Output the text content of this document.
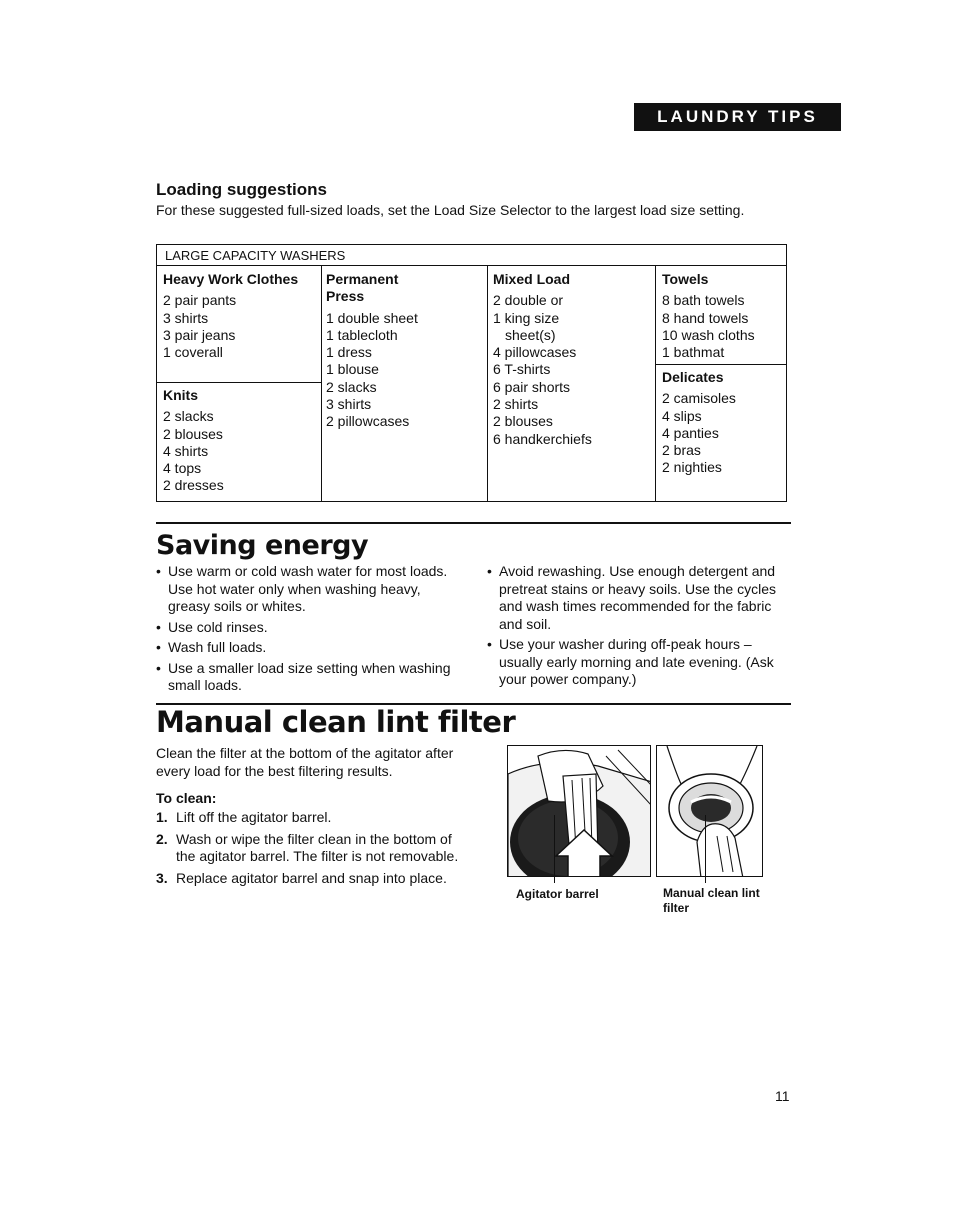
LAUNDRY TIPS
Loading suggestions
For these suggested full-sized loads, set the Load Size Selector to the largest load size setting.
LARGE CAPACITY WASHERS
Heavy Work Clothes
2 pair pants
3 shirts
3 pair jeans
1 coverall
Knits
2 slacks
2 blouses
4 shirts
4 tops
2 dresses
Permanent Press
1 double sheet
1 tablecloth
1 dress
1 blouse
2 slacks
3 shirts
2 pillowcases
Mixed Load
2 double or
1 king size
sheet(s)
4 pillowcases
6 T-shirts
6 pair shorts
2 shirts
2 blouses
6 handkerchiefs
Towels
8 bath towels
8 hand towels
10 wash cloths
1 bathmat
Delicates
2 camisoles
4 slips
4 panties
2 bras
2 nighties
Saving energy
• Use warm or cold wash water for most loads. Use hot water only when washing heavy, greasy soils or whites.
• Use cold rinses.
• Wash full loads.
• Use a smaller load size setting when washing small loads.
• Avoid rewashing. Use enough detergent and pretreat stains or heavy soils. Use the cycles and wash times recommended for the fabric and soil.
• Use your washer during off-peak hours – usually early morning and late evening. (Ask your power company.)
Manual clean lint filter
Clean the filter at the bottom of the agitator after every load for the best filtering results.
To clean:
1. Lift off the agitator barrel.
2. Wash or wipe the filter clean in the bottom of the agitator barrel. The filter is not removable.
3. Replace agitator barrel and snap into place.
Agitator barrel	Manual clean lint filter
11
